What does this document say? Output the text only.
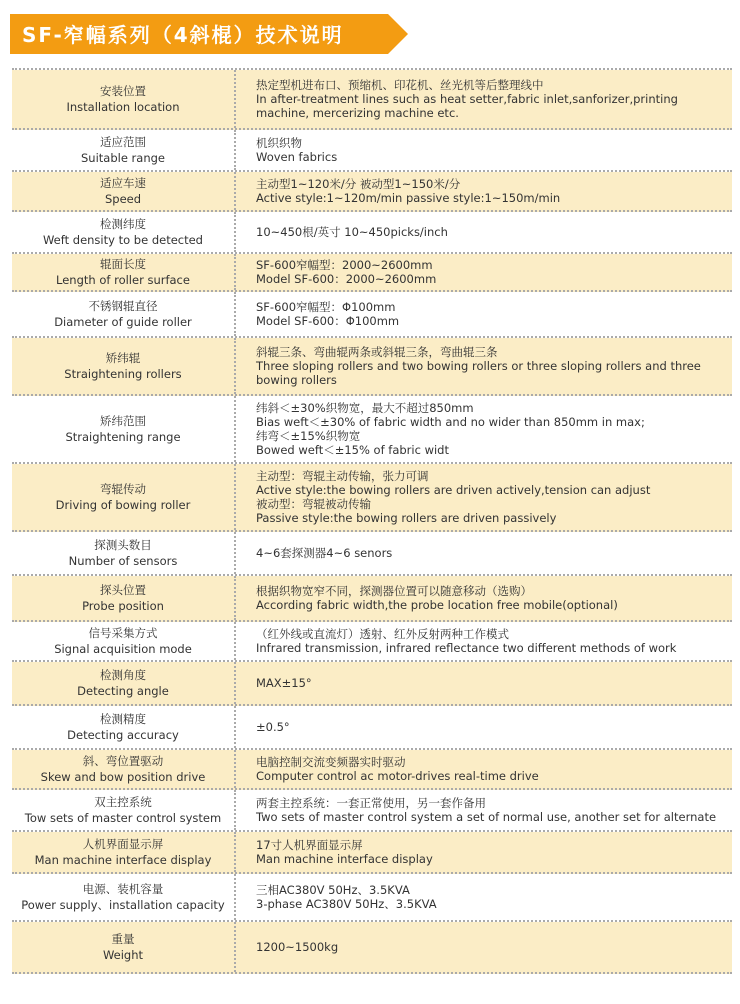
SF-窄幅系列（4斜棍）技术说明
安装位置
Installation location
热定型机进布口、预缩机、印花机、丝光机等后整理线中
In after-treatment lines such as heat setter,fabric inlet,sanforizer,printing machine, mercerizing machine etc.
适应范围
Suitable range
机织织物
Woven fabrics
适应车速
Speed
主动型1~120米/分 被动型1~150米/分
Active style:1~120m/min passive style:1~150m/min
检测纬度
Weft density to be detected
10~450根/英寸 10~450picks/inch
辊面长度
Length of roller surface
SF-600窄幅型：2000~2600mm
Model SF-600：2000~2600mm
不锈钢辊直径
Diameter of guide roller
SF-600窄幅型：Φ100mm
Model SF-600：Φ100mm
矫纬辊
Straightening rollers
斜辊三条、弯曲辊两条或斜辊三条，弯曲辊三条
Three sloping rollers and two bowing rollers or three sloping rollers and three bowing rollers
矫纬范围
Straightening range
纬斜＜±30%织物宽，最大不超过850mm
Bias weft＜±30% of fabric width and no wider than 850mm in max;
纬弯＜±15%织物宽
Bowed weft＜±15% of fabric widt
弯辊传动
Driving of bowing roller
主动型：弯辊主动传输，张力可调
Active style:the bowing rollers are driven actively,tension can adjust
被动型：弯辊被动传输
Passive style:the bowing rollers are driven passively
探测头数目
Number of sensors
4~6套探测器4~6 senors
探头位置
Probe position
根据织物宽窄不同，探测器位置可以随意移动（选购）
According fabric width,the probe location free mobile(optional)
信号采集方式
Signal acquisition mode
（红外线或直流灯）透射、红外反射两种工作模式
Infrared transmission, infrared reflectance two different methods of work
检测角度
Detecting angle
MAX±15°
检测精度
Detecting accuracy
±0.5°
斜、弯位置驱动
Skew and bow position drive
电脑控制交流变频器实时驱动
Computer control ac motor-drives real-time drive
双主控系统
Tow sets of master control system
两套主控系统：一套正常使用，另一套作备用
Two sets of master control system a set of normal use, another set for alternate
人机界面显示屏
Man machine interface display
17寸人机界面显示屏
Man machine interface display
电源、装机容量
Power supply、installation capacity
三相AC380V 50Hz、3.5KVA
3-phase AC380V 50Hz、3.5KVA
重量
Weight
1200~1500kg
